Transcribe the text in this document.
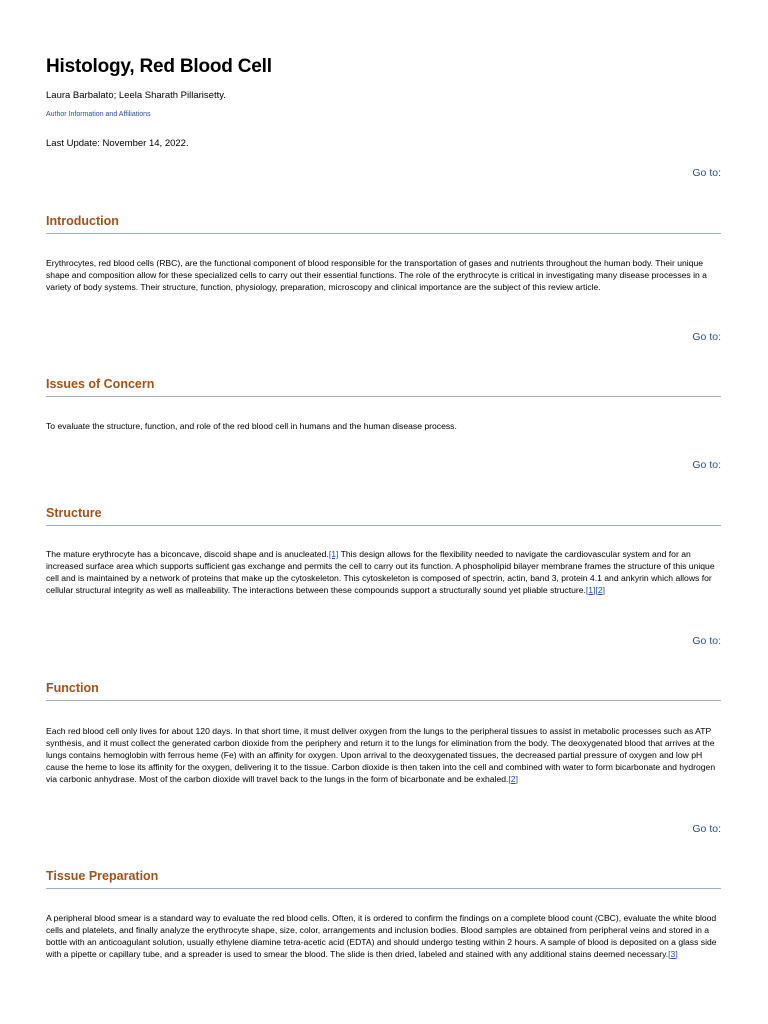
Histology, Red Blood Cell
Laura Barbalato; Leela Sharath Pillarisetty.
Author Information and Affiliations
Last Update: November 14, 2022.
Go to:
Introduction

Erythrocytes, red blood cells (RBC), are the functional component of blood responsible for the transportation of gases and nutrients throughout the human body. Their unique shape and composition allow for these specialized cells to carry out their essential functions. The role of the erythrocyte is critical in investigating many disease processes in a variety of body systems. Their structure, function, physiology, preparation, microscopy and clinical importance are the subject of this review article.

Go to:
Issues of Concern

To evaluate the structure, function, and role of the red blood cell in humans and the human disease process.

Go to:
Structure

The mature erythrocyte has a biconcave, discoid shape and is anucleated.[1] This design allows for the flexibility needed to navigate the cardiovascular system and for an increased surface area which supports sufficient gas exchange and permits the cell to carry out its function. A phospholipid bilayer membrane frames the structure of this unique cell and is maintained by a network of proteins that make up the cytoskeleton. This cytoskeleton is composed of spectrin, actin, band 3, protein 4.1 and ankyrin which allows for cellular structural integrity as well as malleability. The interactions between these compounds support a structurally sound yet pliable structure.[1][2]

Go to:
Function

Each red blood cell only lives for about 120 days. In that short time, it must deliver oxygen from the lungs to the peripheral tissues to assist in metabolic processes such as ATP synthesis, and it must collect the generated carbon dioxide from the periphery and return it to the lungs for elimination from the body. The deoxygenated blood that arrives at the lungs contains hemoglobin with ferrous heme (Fe) with an affinity for oxygen. Upon arrival to the deoxygenated tissues, the decreased partial pressure of oxygen and low pH cause the heme to lose its affinity for the oxygen, delivering it to the tissue. Carbon dioxide is then taken into the cell and combined with water to form bicarbonate and hydrogen via carbonic anhydrase. Most of the carbon dioxide will travel back to the lungs in the form of bicarbonate and be exhaled.[2]

Go to:
Tissue Preparation

A peripheral blood smear is a standard way to evaluate the red blood cells. Often, it is ordered to confirm the findings on a complete blood count (CBC), evaluate the white blood cells and platelets, and finally analyze the erythrocyte shape, size, color, arrangements and inclusion bodies. Blood samples are obtained from peripheral veins and stored in a bottle with an anticoagulant solution, usually ethylene diamine tetra-acetic acid (EDTA) and should undergo testing within 2 hours. A sample of blood is deposited on a glass side with a pipette or capillary tube, and a spreader is used to smear the blood. The slide is then dried, labeled and stained with any additional stains deemed necessary.[3]
